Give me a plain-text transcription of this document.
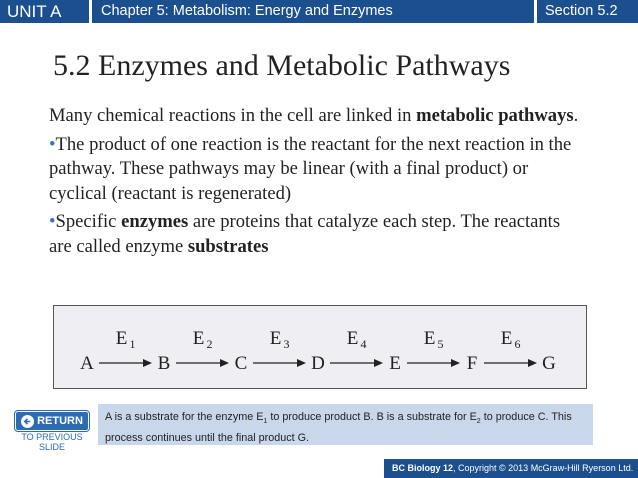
UNIT A	Chapter 5: Metabolism: Energy and Enzymes	Section 5.2
5.2 Enzymes and Metabolic Pathways

Many chemical reactions in the cell are linked in metabolic pathways.

•The product of one reaction is the reactant for the next reaction in the pathway. These pathways may be linear (with a final product) or cyclical (reactant is regenerated)

•Specific enzymes are proteins that catalyze each step. The reactants are called enzyme substrates

A	B	C	D	E	F	G
E 1	E 2	E 3	E 4	E 5	E 6
RETURN
TO PREVIOUS
SLIDE
A is a substrate for the enzyme $E_1$ to produce product B. B is a substrate for $E_2$ to produce C. This process continues until the final product G.
BC Biology 12, Copyright © 2013 McGraw-Hill Ryerson Ltd.
